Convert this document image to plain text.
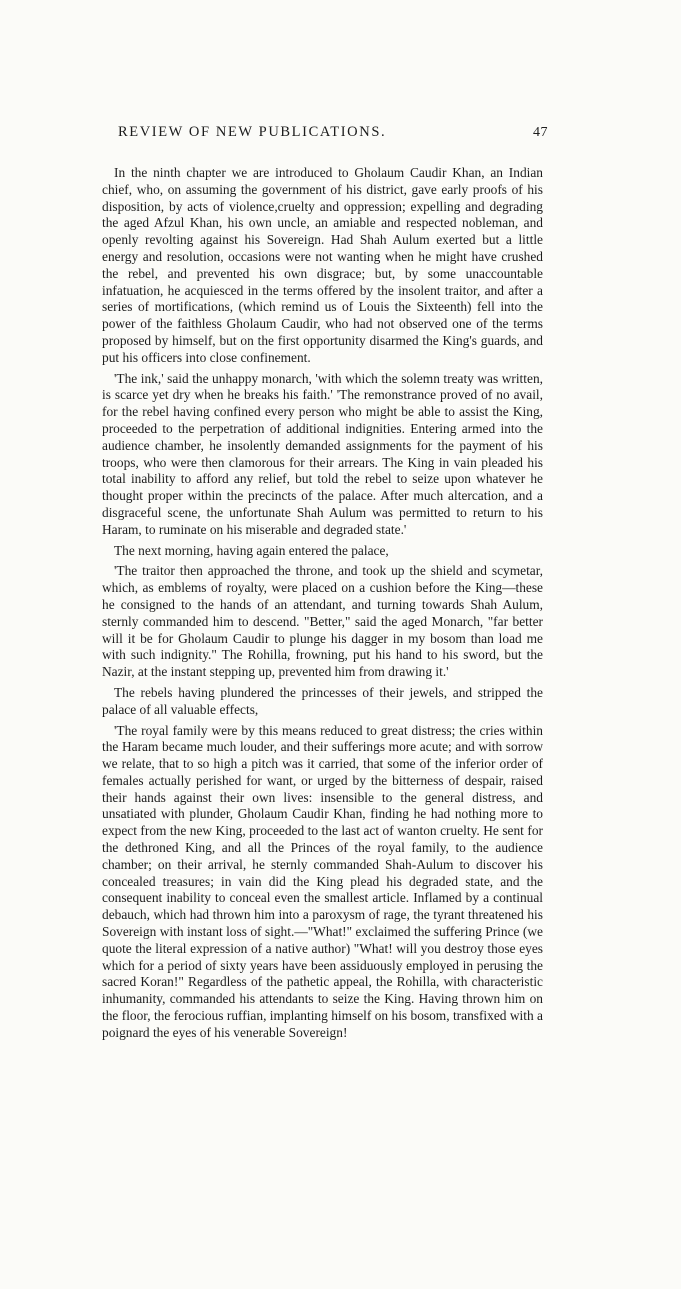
REVIEW OF NEW PUBLICATIONS.	47

In the ninth chapter we are introduced to Gholaum Caudir Khan, an Indian chief, who, on assuming the government of his district, gave early proofs of his disposition, by acts of violence,cruelty and oppression; expelling and degrading the aged Afzul Khan, his own uncle, an amiable and respected nobleman, and openly revolting against his Sovereign. Had Shah Aulum exerted but a little energy and resolution, occasions were not wanting when he might have crushed the rebel, and prevented his own disgrace; but, by some unaccountable infatuation, he acquiesced in the terms offered by the insolent traitor, and after a series of mortifications, (which remind us of Louis the Sixteenth) fell into the power of the faithless Gholaum Caudir, who had not observed one of the terms proposed by himself, but on the first opportunity disarmed the King's guards, and put his officers into close confinement.

'The ink,' said the unhappy monarch, 'with which the solemn treaty was written, is scarce yet dry when he breaks his faith.' 'The remonstrance proved of no avail, for the rebel having confined every person who might be able to assist the King, proceeded to the perpetration of additional indignities. Entering armed into the audience chamber, he insolently demanded assignments for the payment of his troops, who were then clamorous for their arrears. The King in vain pleaded his total inability to afford any relief, but told the rebel to seize upon whatever he thought proper within the precincts of the palace. After much altercation, and a disgraceful scene, the unfortunate Shah Aulum was permitted to return to his Haram, to ruminate on his miserable and degraded state.'

The next morning, having again entered the palace,

'The traitor then approached the throne, and took up the shield and scymetar, which, as emblems of royalty, were placed on a cushion before the King—these he consigned to the hands of an attendant, and turning towards Shah Aulum, sternly commanded him to descend. "Better," said the aged Monarch, "far better will it be for Gholaum Caudir to plunge his dagger in my bosom than load me with such indignity." The Rohilla, frowning, put his hand to his sword, but the Nazir, at the instant stepping up, prevented him from drawing it.'

The rebels having plundered the princesses of their jewels, and stripped the palace of all valuable effects,

'The royal family were by this means reduced to great distress; the cries within the Haram became much louder, and their sufferings more acute; and with sorrow we relate, that to so high a pitch was it carried, that some of the inferior order of females actually perished for want, or urged by the bitterness of despair, raised their hands against their own lives: insensible to the general distress, and unsatiated with plunder, Gholaum Caudir Khan, finding he had nothing more to expect from the new King, proceeded to the last act of wanton cruelty. He sent for the dethroned King, and all the Princes of the royal family, to the audience chamber; on their arrival, he sternly commanded Shah-Aulum to discover his concealed treasures; in vain did the King plead his degraded state, and the consequent inability to conceal even the smallest article. Inflamed by a continual debauch, which had thrown him into a paroxysm of rage, the tyrant threatened his Sovereign with instant loss of sight.—"What!" exclaimed the suffering Prince (we quote the literal expression of a native author) "What! will you destroy those eyes which for a period of sixty years have been assiduously employed in perusing the sacred Koran!" Regardless of the pathetic appeal, the Rohilla, with characteristic inhumanity, commanded his attendants to seize the King. Having thrown him on the floor, the ferocious ruffian, implanting himself on his bosom, transfixed with a poignard the eyes of his venerable Sovereign!
